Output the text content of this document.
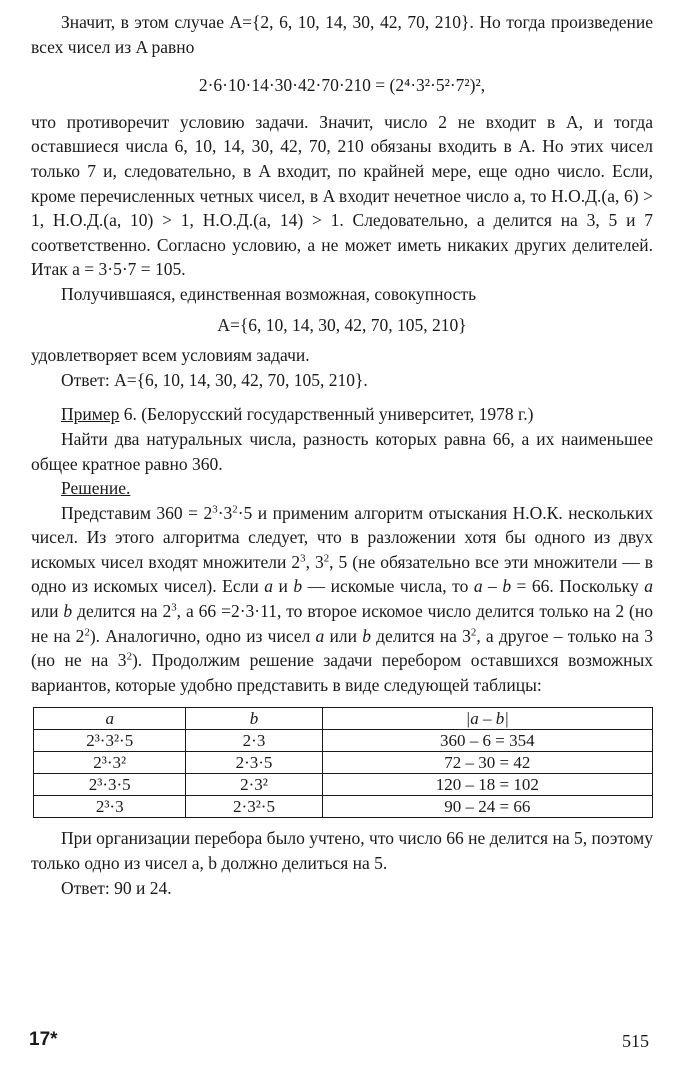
Значит, в этом случае A={2, 6, 10, 14, 30, 42, 70, 210}. Но тогда произведение всех чисел из A равно

2·6·10·14·30·42·70·210 = (2⁴·3²·5²·7²)²,

что противоречит условию задачи. Значит, число 2 не входит в A, и тогда оставшиеся числа 6, 10, 14, 30, 42, 70, 210 обязаны входить в A. Но этих чисел только 7 и, следовательно, в A входит, по крайней мере, еще одно число. Если, кроме перечисленных четных чисел, в A входит нечетное число a, то Н.О.Д.(a, 6) > 1, Н.О.Д.(a, 10) > 1, Н.О.Д.(a, 14) > 1. Следовательно, a делится на 3, 5 и 7 соответственно. Согласно условию, a не может иметь никаких других делителей. Итак a = 3·5·7 = 105.

Получившаяся, единственная возможная, совокупность

A={6, 10, 14, 30, 42, 70, 105, 210}

удовлетворяет всем условиям задачи.

Ответ: A={6, 10, 14, 30, 42, 70, 105, 210}.

Пример 6. (Белорусский государственный университет, 1978 г.)

Найти два натуральных числа, разность которых равна 66, а их наименьшее общее кратное равно 360.

Решение.

Представим $360 = 2^3\cdot 3^2\cdot 5$ и применим алгоритм отыскания Н.О.К. нескольких чисел. Из этого алгоритма следует, что в разложении хотя бы одного из двух искомых чисел входят множители $2^3$, $3^2$, 5 (не обязательно все эти множители — в одно из искомых чисел). Если a и b — искомые числа, то a – b = 66. Поскольку a или b делится на $2^3$, а 66 =2·3·11, то второе искомое число делится только на 2 (но не на $2^2$). Аналогично, одно из чисел a или b делится на $3^2$, а другое – только на 3 (но не на $3^2$). Продолжим решение задачи перебором оставшихся возможных вариантов, которые удобно представить в виде следующей таблицы:

a	b	|a – b|
2³·3²·5	2·3	360 – 6 = 354
2³·3²	2·3·5	72 – 30 = 42
2³·3·5	2·3²	120 – 18 = 102
2³·3	2·3²·5	90 – 24 = 66

При организации перебора было учтено, что число 66 не делится на 5, поэтому только одно из чисел a, b должно делиться на 5.

Ответ: 90 и 24.

17*	515
